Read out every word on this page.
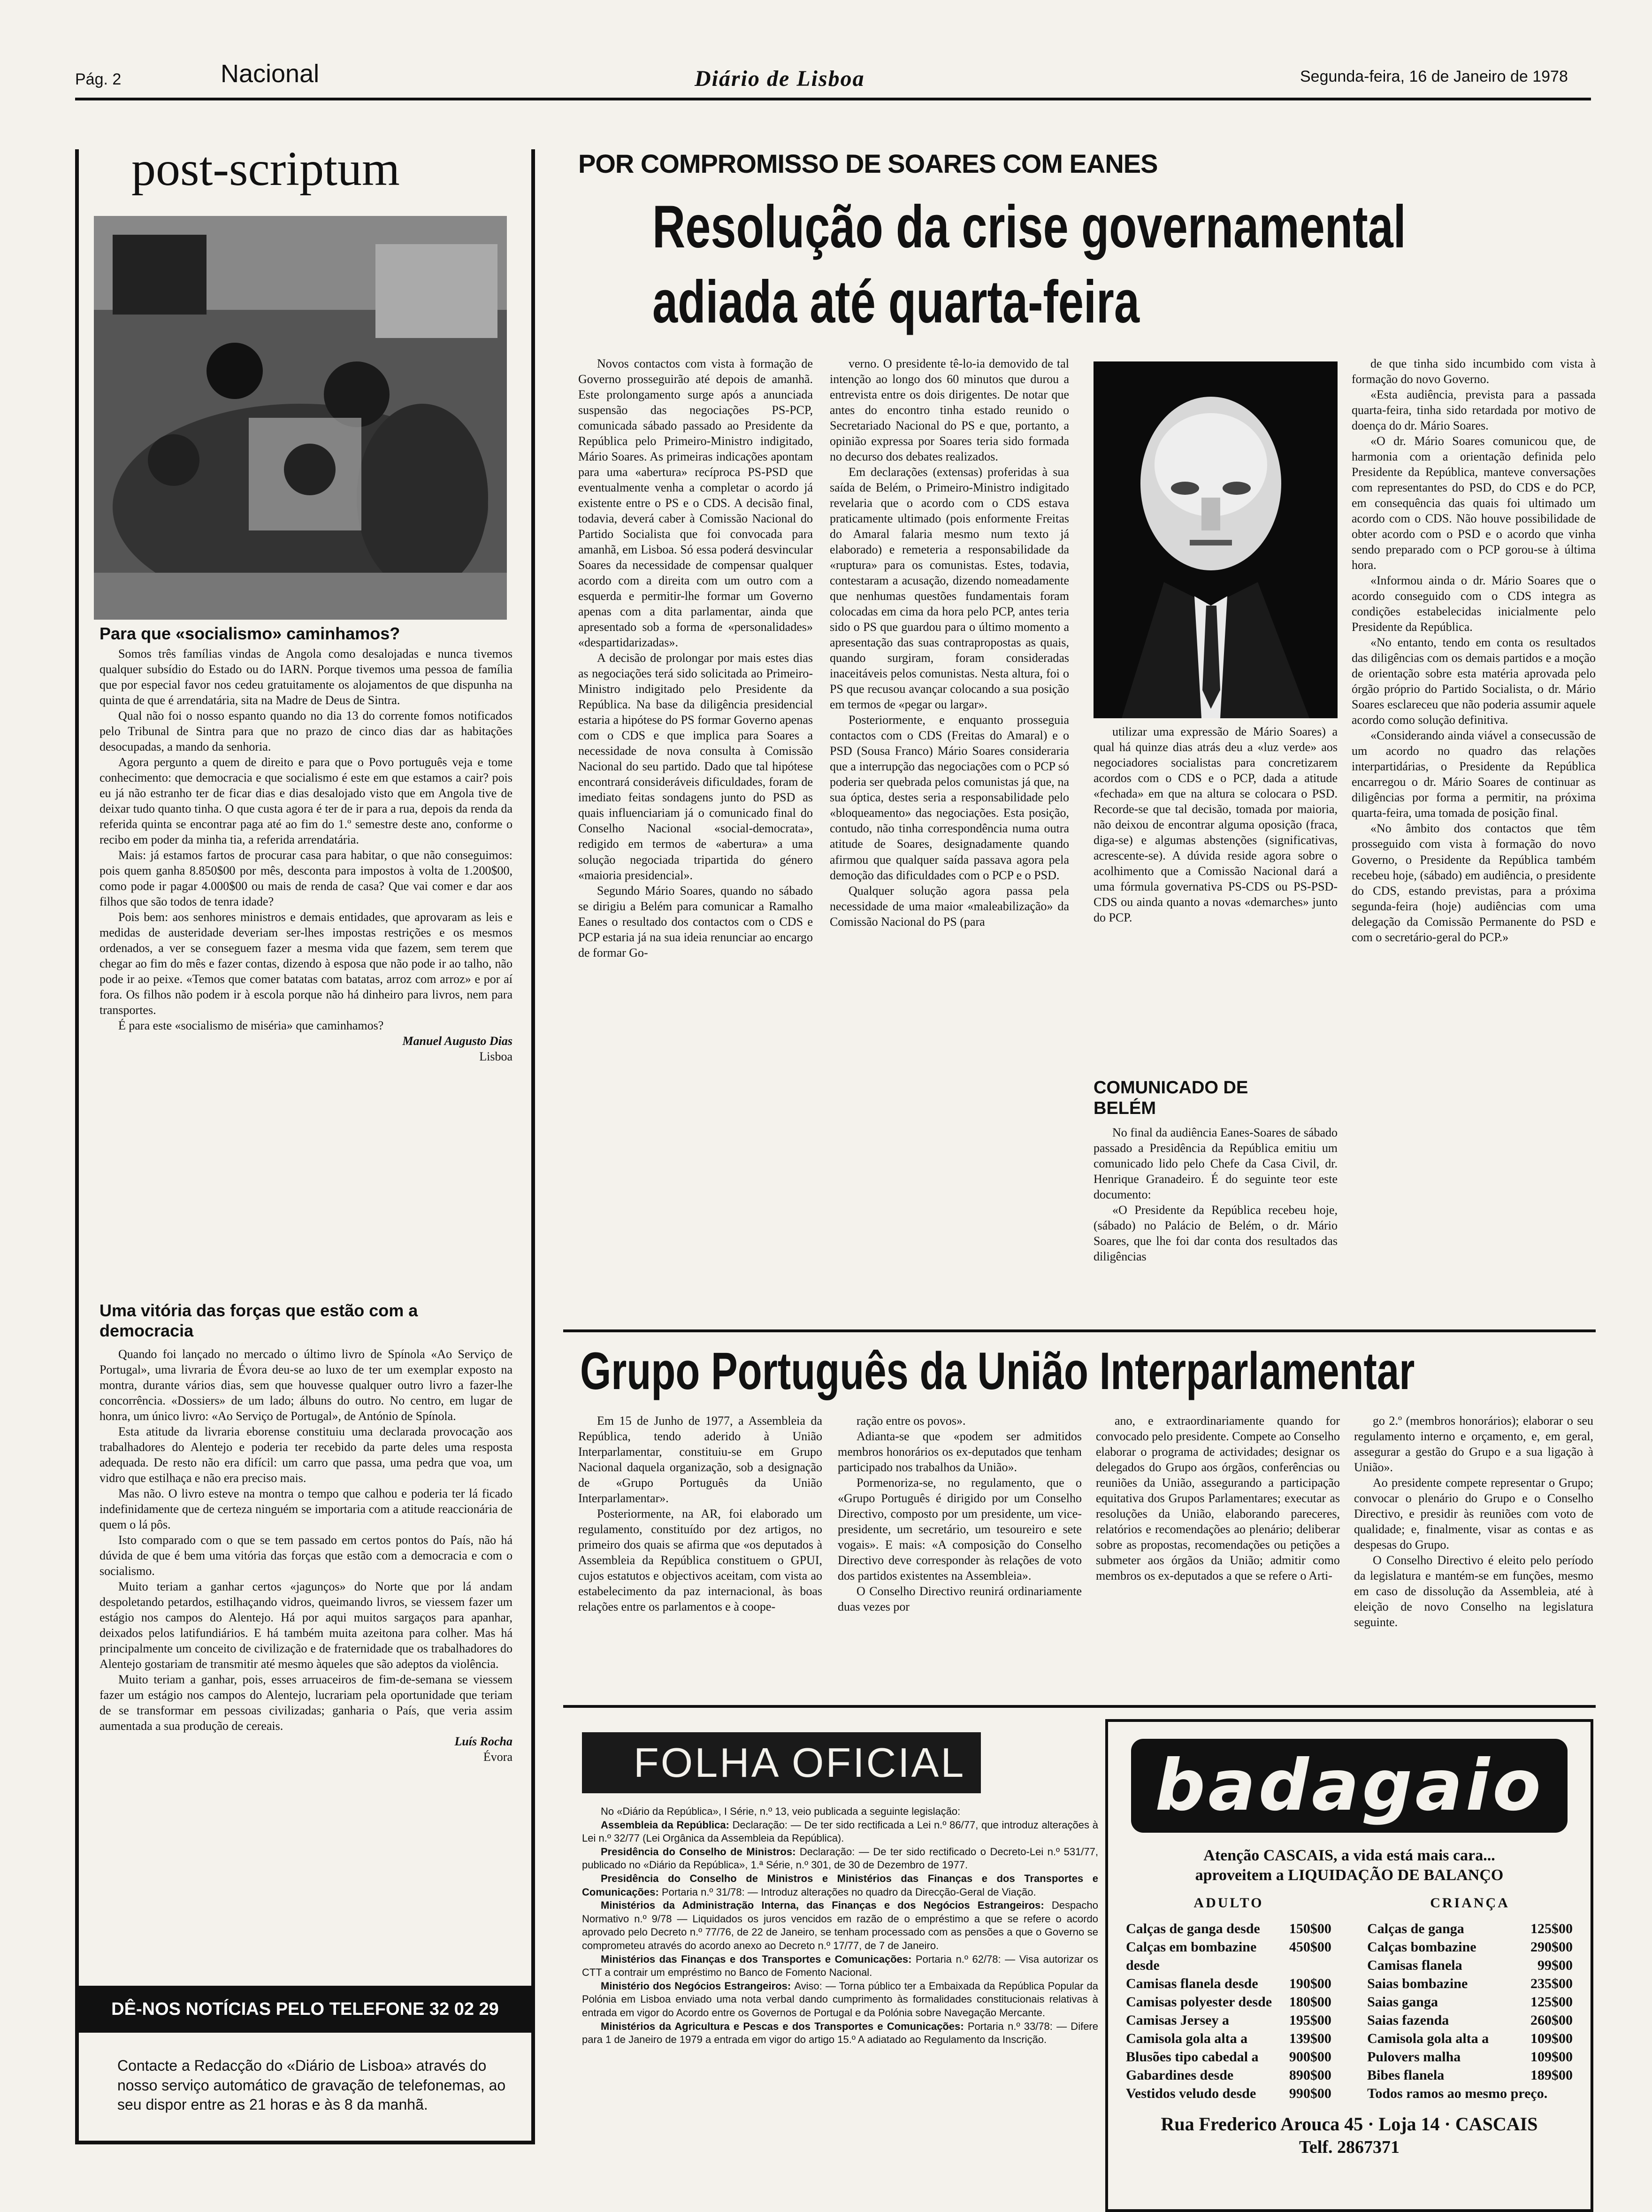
Pág. 2	Nacional	Diário de Lisboa	Segunda-feira, 16 de Janeiro de 1978
post-scriptum
Para que «socialismo» caminhamos?

Somos três famílias vindas de Angola como desalojadas e nunca tivemos qualquer subsídio do Estado ou do IARN. Porque tivemos uma pessoa de família que por especial favor nos cedeu gratuitamente os alojamentos de que dispunha na quinta de que é arrendatária, sita na Madre de Deus de Sintra.

Qual não foi o nosso espanto quando no dia 13 do corrente fomos notificados pelo Tribunal de Sintra para que no prazo de cinco dias dar as habitações desocupadas, a mando da senhoria.

Agora pergunto a quem de direito e para que o Povo português veja e tome conhecimento: que democracia e que socialismo é este em que estamos a cair? pois eu já não estranho ter de ficar dias e dias desalojado visto que em Angola tive de deixar tudo quanto tinha. O que custa agora é ter de ir para a rua, depois da renda da referida quinta se encontrar paga até ao fim do 1.º semestre deste ano, conforme o recibo em poder da minha tia, a referida arrendatária.

Mais: já estamos fartos de procurar casa para habitar, o que não conseguimos: pois quem ganha 8.850$00 por mês, desconta para impostos à volta de 1.200$00, como pode ir pagar 4.000$00 ou mais de renda de casa? Que vai comer e dar aos filhos que são todos de tenra idade?

Pois bem: aos senhores ministros e demais entidades, que aprovaram as leis e medidas de austeridade deveriam ser-lhes impostas restrições e os mesmos ordenados, a ver se conseguem fazer a mesma vida que fazem, sem terem que chegar ao fim do mês e fazer contas, dizendo à esposa que não pode ir ao talho, não pode ir ao peixe. «Temos que comer batatas com batatas, arroz com arroz» e por aí fora. Os filhos não podem ir à escola porque não há dinheiro para livros, nem para transportes.

É para este «socialismo de miséria» que caminhamos?

Manuel Augusto Dias
Lisboa
Uma vitória das forças que estão com a democracia

Quando foi lançado no mercado o último livro de Spínola «Ao Serviço de Portugal», uma livraria de Évora deu-se ao luxo de ter um exemplar exposto na montra, durante vários dias, sem que houvesse qualquer outro livro a fazer-lhe concorrência. «Dossiers» de um lado; álbuns do outro. No centro, em lugar de honra, um único livro: «Ao Serviço de Portugal», de António de Spínola.

Esta atitude da livraria eborense constituiu uma declarada provocação aos trabalhadores do Alentejo e poderia ter recebido da parte deles uma resposta adequada. De resto não era difícil: um carro que passa, uma pedra que voa, um vidro que estilhaça e não era preciso mais.

Mas não. O livro esteve na montra o tempo que calhou e poderia ter lá ficado indefinidamente que de certeza ninguém se importaria com a atitude reaccionária de quem o lá pôs.

Isto comparado com o que se tem passado em certos pontos do País, não há dúvida de que é bem uma vitória das forças que estão com a democracia e com o socialismo.

Muito teriam a ganhar certos «jagunços» do Norte que por lá andam despoletando petardos, estilhaçando vidros, queimando livros, se viessem fazer um estágio nos campos do Alentejo. Há por aqui muitos sargaços para apanhar, deixados pelos latifundiários. E há também muita azeitona para colher. Mas há principalmente um conceito de civilização e de fraternidade que os trabalhadores do Alentejo gostariam de transmitir até mesmo àqueles que são adeptos da violência.

Muito teriam a ganhar, pois, esses arruaceiros de fim-de-semana se viessem fazer um estágio nos campos do Alentejo, lucrariam pela oportunidade que teriam de se transformar em pessoas civilizadas; ganharia o País, que veria assim aumentada a sua produção de cereais.

Luís Rocha
Évora
DÊ-NOS NOTÍCIAS PELO TELEFONE 32 02 29
Contacte a Redacção do «Diário de Lisboa» através do nosso serviço automático de gravação de telefonemas, ao seu dispor entre as 21 horas e às 8 da manhã.
POR COMPROMISSO DE SOARES COM EANES
Resolução da crise governamental
adiada até quarta-feira

Novos contactos com vista à formação de Governo prosseguirão até depois de amanhã. Este prolongamento surge após a anunciada suspensão das negociações PS-PCP, comunicada sábado passado ao Presidente da República pelo Primeiro-Ministro indigitado, Mário Soares. As primeiras indicações apontam para uma «abertura» recíproca PS-PSD que eventualmente venha a completar o acordo já existente entre o PS e o CDS. A decisão final, todavia, deverá caber à Comissão Nacional do Partido Socialista que foi convocada para amanhã, em Lisboa. Só essa poderá desvincular Soares da necessidade de compensar qualquer acordo com a direita com um outro com a esquerda e permitir-lhe formar um Governo apenas com a dita parlamentar, ainda que apresentado sob a forma de «personalidades» «despartidarizadas».

A decisão de prolongar por mais estes dias as negociações terá sido solicitada ao Primeiro-Ministro indigitado pelo Presidente da República. Na base da diligência presidencial estaria a hipótese do PS formar Governo apenas com o CDS e que implica para Soares a necessidade de nova consulta à Comissão Nacional do seu partido. Dado que tal hipótese encontrará consideráveis dificuldades, foram de imediato feitas sondagens junto do PSD as quais influenciariam já o comunicado final do Conselho Nacional «social-democrata», redigido em termos de «abertura» a uma solução negociada tripartida do género «maioria presidencial».

Segundo Mário Soares, quando no sábado se dirigiu a Belém para comunicar a Ramalho Eanes o resultado dos contactos com o CDS e PCP estaria já na sua ideia renunciar ao encargo de formar Go-

verno. O presidente tê-lo-ia demovido de tal intenção ao longo dos 60 minutos que durou a entrevista entre os dois dirigentes. De notar que antes do encontro tinha estado reunido o Secretariado Nacional do PS e que, portanto, a opinião expressa por Soares teria sido formada no decurso dos debates realizados.

Em declarações (extensas) proferidas à sua saída de Belém, o Primeiro-Ministro indigitado revelaria que o acordo com o CDS estava praticamente ultimado (pois enformente Freitas do Amaral falaria mesmo num texto já elaborado) e remeteria a responsabilidade da «ruptura» para os comunistas. Estes, todavia, contestaram a acusação, dizendo nomeadamente que nenhumas questões fundamentais foram colocadas em cima da hora pelo PCP, antes teria sido o PS que guardou para o último momento a apresentação das suas contrapropostas as quais, quando surgiram, foram consideradas inaceitáveis pelos comunistas. Nesta altura, foi o PS que recusou avançar colocando a sua posição em termos de «pegar ou largar».

Posteriormente, e enquanto prosseguia contactos com o CDS (Freitas do Amaral) e o PSD (Sousa Franco) Mário Soares consideraria que a interrupção das negociações com o PCP só poderia ser quebrada pelos comunistas já que, na sua óptica, destes seria a responsabilidade pelo «bloqueamento» das negociações. Esta posição, contudo, não tinha correspondência numa outra atitude de Soares, designadamente quando afirmou que qualquer saída passava agora pela demoção das dificuldades com o PCP e o PSD.

Qualquer solução agora passa pela necessidade de uma maior «maleabilização» da Comissão Nacional do PS (para

utilizar uma expressão de Mário Soares) a qual há quinze dias atrás deu a «luz verde» aos negociadores socialistas para concretizarem acordos com o CDS e o PCP, dada a atitude «fechada» em que na altura se colocara o PSD. Recorde-se que tal decisão, tomada por maioria, não deixou de encontrar alguma oposição (fraca, diga-se) e algumas abstenções (significativas, acrescente-se). A dúvida reside agora sobre o acolhimento que a Comissão Nacional dará a uma fórmula governativa PS-CDS ou PS-PSD-CDS ou ainda quanto a novas «demarches» junto do PCP.

COMUNICADO DE BELÉM

No final da audiência Eanes-Soares de sábado passado a Presidência da República emitiu um comunicado lido pelo Chefe da Casa Civil, dr. Henrique Granadeiro. É do seguinte teor este documento:

«O Presidente da República recebeu hoje, (sábado) no Palácio de Belém, o dr. Mário Soares, que lhe foi dar conta dos resultados das diligências

de que tinha sido incumbido com vista à formação do novo Governo.

«Esta audiência, prevista para a passada quarta-feira, tinha sido retardada por motivo de doença do dr. Mário Soares.

«O dr. Mário Soares comunicou que, de harmonia com a orientação definida pelo Presidente da República, manteve conversações com representantes do PSD, do CDS e do PCP, em consequência das quais foi ultimado um acordo com o CDS. Não houve possibilidade de obter acordo com o PSD e o acordo que vinha sendo preparado com o PCP gorou-se à última hora.

«Informou ainda o dr. Mário Soares que o acordo conseguido com o CDS integra as condições estabelecidas inicialmente pelo Presidente da República.

«No entanto, tendo em conta os resultados das diligências com os demais partidos e a moção de orientação sobre esta matéria aprovada pelo órgão próprio do Partido Socialista, o dr. Mário Soares esclareceu que não poderia assumir aquele acordo como solução definitiva.

«Considerando ainda viável a consecussão de um acordo no quadro das relações interpartidárias, o Presidente da República encarregou o dr. Mário Soares de continuar as diligências por forma a permitir, na próxima quarta-feira, uma tomada de posição final.

«No âmbito dos contactos que têm prosseguido com vista à formação do novo Governo, o Presidente da República também recebeu hoje, (sábado) em audiência, o presidente do CDS, estando previstas, para a próxima segunda-feira (hoje) audiências com uma delegação da Comissão Permanente do PSD e com o secretário-geral do PCP.»

Grupo Português da União Interparlamentar

Em 15 de Junho de 1977, a Assembleia da República, tendo aderido à União Interparlamentar, constituiu-se em Grupo Nacional daquela organização, sob a designação de «Grupo Português da União Interparlamentar».

Posteriormente, na AR, foi elaborado um regulamento, constituído por dez artigos, no primeiro dos quais se afirma que «os deputados à Assembleia da República constituem o GPUI, cujos estatutos e objectivos aceitam, com vista ao estabelecimento da paz internacional, às boas relações entre os parlamentos e à coope-

ração entre os povos».

Adianta-se que «podem ser admitidos membros honorários os ex-deputados que tenham participado nos trabalhos da União».

Pormenoriza-se, no regulamento, que o «Grupo Português é dirigido por um Conselho Directivo, composto por um presidente, um vice-presidente, um secretário, um tesoureiro e sete vogais». E mais: «A composição do Conselho Directivo deve corresponder às relações de voto dos partidos existentes na Assembleia».

O Conselho Directivo reunirá ordinariamente duas vezes por

ano, e extraordinariamente quando for convocado pelo presidente. Compete ao Conselho elaborar o programa de actividades; designar os delegados do Grupo aos órgãos, conferências ou reuniões da União, assegurando a participação equitativa dos Grupos Parlamentares; executar as resoluções da União, elaborando pareceres, relatórios e recomendações ao plenário; deliberar sobre as propostas, recomendações ou petições a submeter aos órgãos da União; admitir como membros os ex-deputados a que se refere o Arti-

go 2.º (membros honorários); elaborar o seu regulamento interno e orçamento, e, em geral, assegurar a gestão do Grupo e a sua ligação à União».

Ao presidente compete representar o Grupo; convocar o plenário do Grupo e o Conselho Directivo, e presidir às reuniões com voto de qualidade; e, finalmente, visar as contas e as despesas do Grupo.

O Conselho Directivo é eleito pelo período da legislatura e mantém-se em funções, mesmo em caso de dissolução da Assembleia, até à eleição de novo Conselho na legislatura seguinte.

FOLHA OFICIAL
No «Diário da República», I Série, n.º 13, veio publicada a seguinte legislação:
Assembleia da República: Declaração: — De ter sido rectificada a Lei n.º 86/77, que introduz alterações à Lei n.º 32/77 (Lei Orgânica da Assembleia da República).
Presidência do Conselho de Ministros: Declaração: — De ter sido rectificado o Decreto-Lei n.º 531/77, publicado no «Diário da República», 1.ª Série, n.º 301, de 30 de Dezembro de 1977.
Presidência do Conselho de Ministros e Ministérios das Finanças e dos Transportes e Comunicações: Portaria n.º 31/78: — Introduz alterações no quadro da Direcção-Geral de Viação.
Ministérios da Administração Interna, das Finanças e dos Negócios Estrangeiros: Despacho Normativo n.º 9/78 — Liquidados os juros vencidos em razão de o empréstimo a que se refere o acordo aprovado pelo Decreto n.º 77/76, de 22 de Janeiro, se tenham processado com as pensões a que o Governo se comprometeu através do acordo anexo ao Decreto n.º 17/77, de 7 de Janeiro.
Ministérios das Finanças e dos Transportes e Comunicações: Portaria n.º 62/78: — Visa autorizar os CTT a contrair um empréstimo no Banco de Fomento Nacional.
Ministério dos Negócios Estrangeiros: Aviso: — Torna público ter a Embaixada da República Popular da Polónia em Lisboa enviado uma nota verbal dando cumprimento às formalidades constitucionais relativas à entrada em vigor do Acordo entre os Governos de Portugal e da Polónia sobre Navegação Mercante.
Ministérios da Agricultura e Pescas e dos Transportes e Comunicações: Portaria n.º 33/78: — Difere para 1 de Janeiro de 1979 a entrada em vigor do artigo 15.º A adiatado ao Regulamento da Inscrição.
badagaio
Atenção CASCAIS, a vida está mais cara...
aproveitem a LIQUIDAÇÃO DE BALANÇO
ADULTO
Calças de ganga desde 150$00
Calças em bombazine desde
450$00
Camisas flanela desde 190$00
Camisas polyester desde 180$00
Camisas Jersey a	195$00
Camisola gola alta a	139$00
Blusões tipo cabedal a 900$00
Gabardines desde	890$00
Vestidos veludo desde 990$00
CRIANÇA
Calças de ganga	125$00
Calças bombazine	290$00
Camisas flanela	99$00
Saias bombazine	235$00
Saias ganga	125$00
Saias fazenda	260$00
Camisola gola alta a	109$00
Pulovers malha	109$00
Bibes flanela	189$00
Todos ramos ao mesmo preço.
Rua Frederico Arouca 45 · Loja 14 · CASCAIS
Telf. 2867371
